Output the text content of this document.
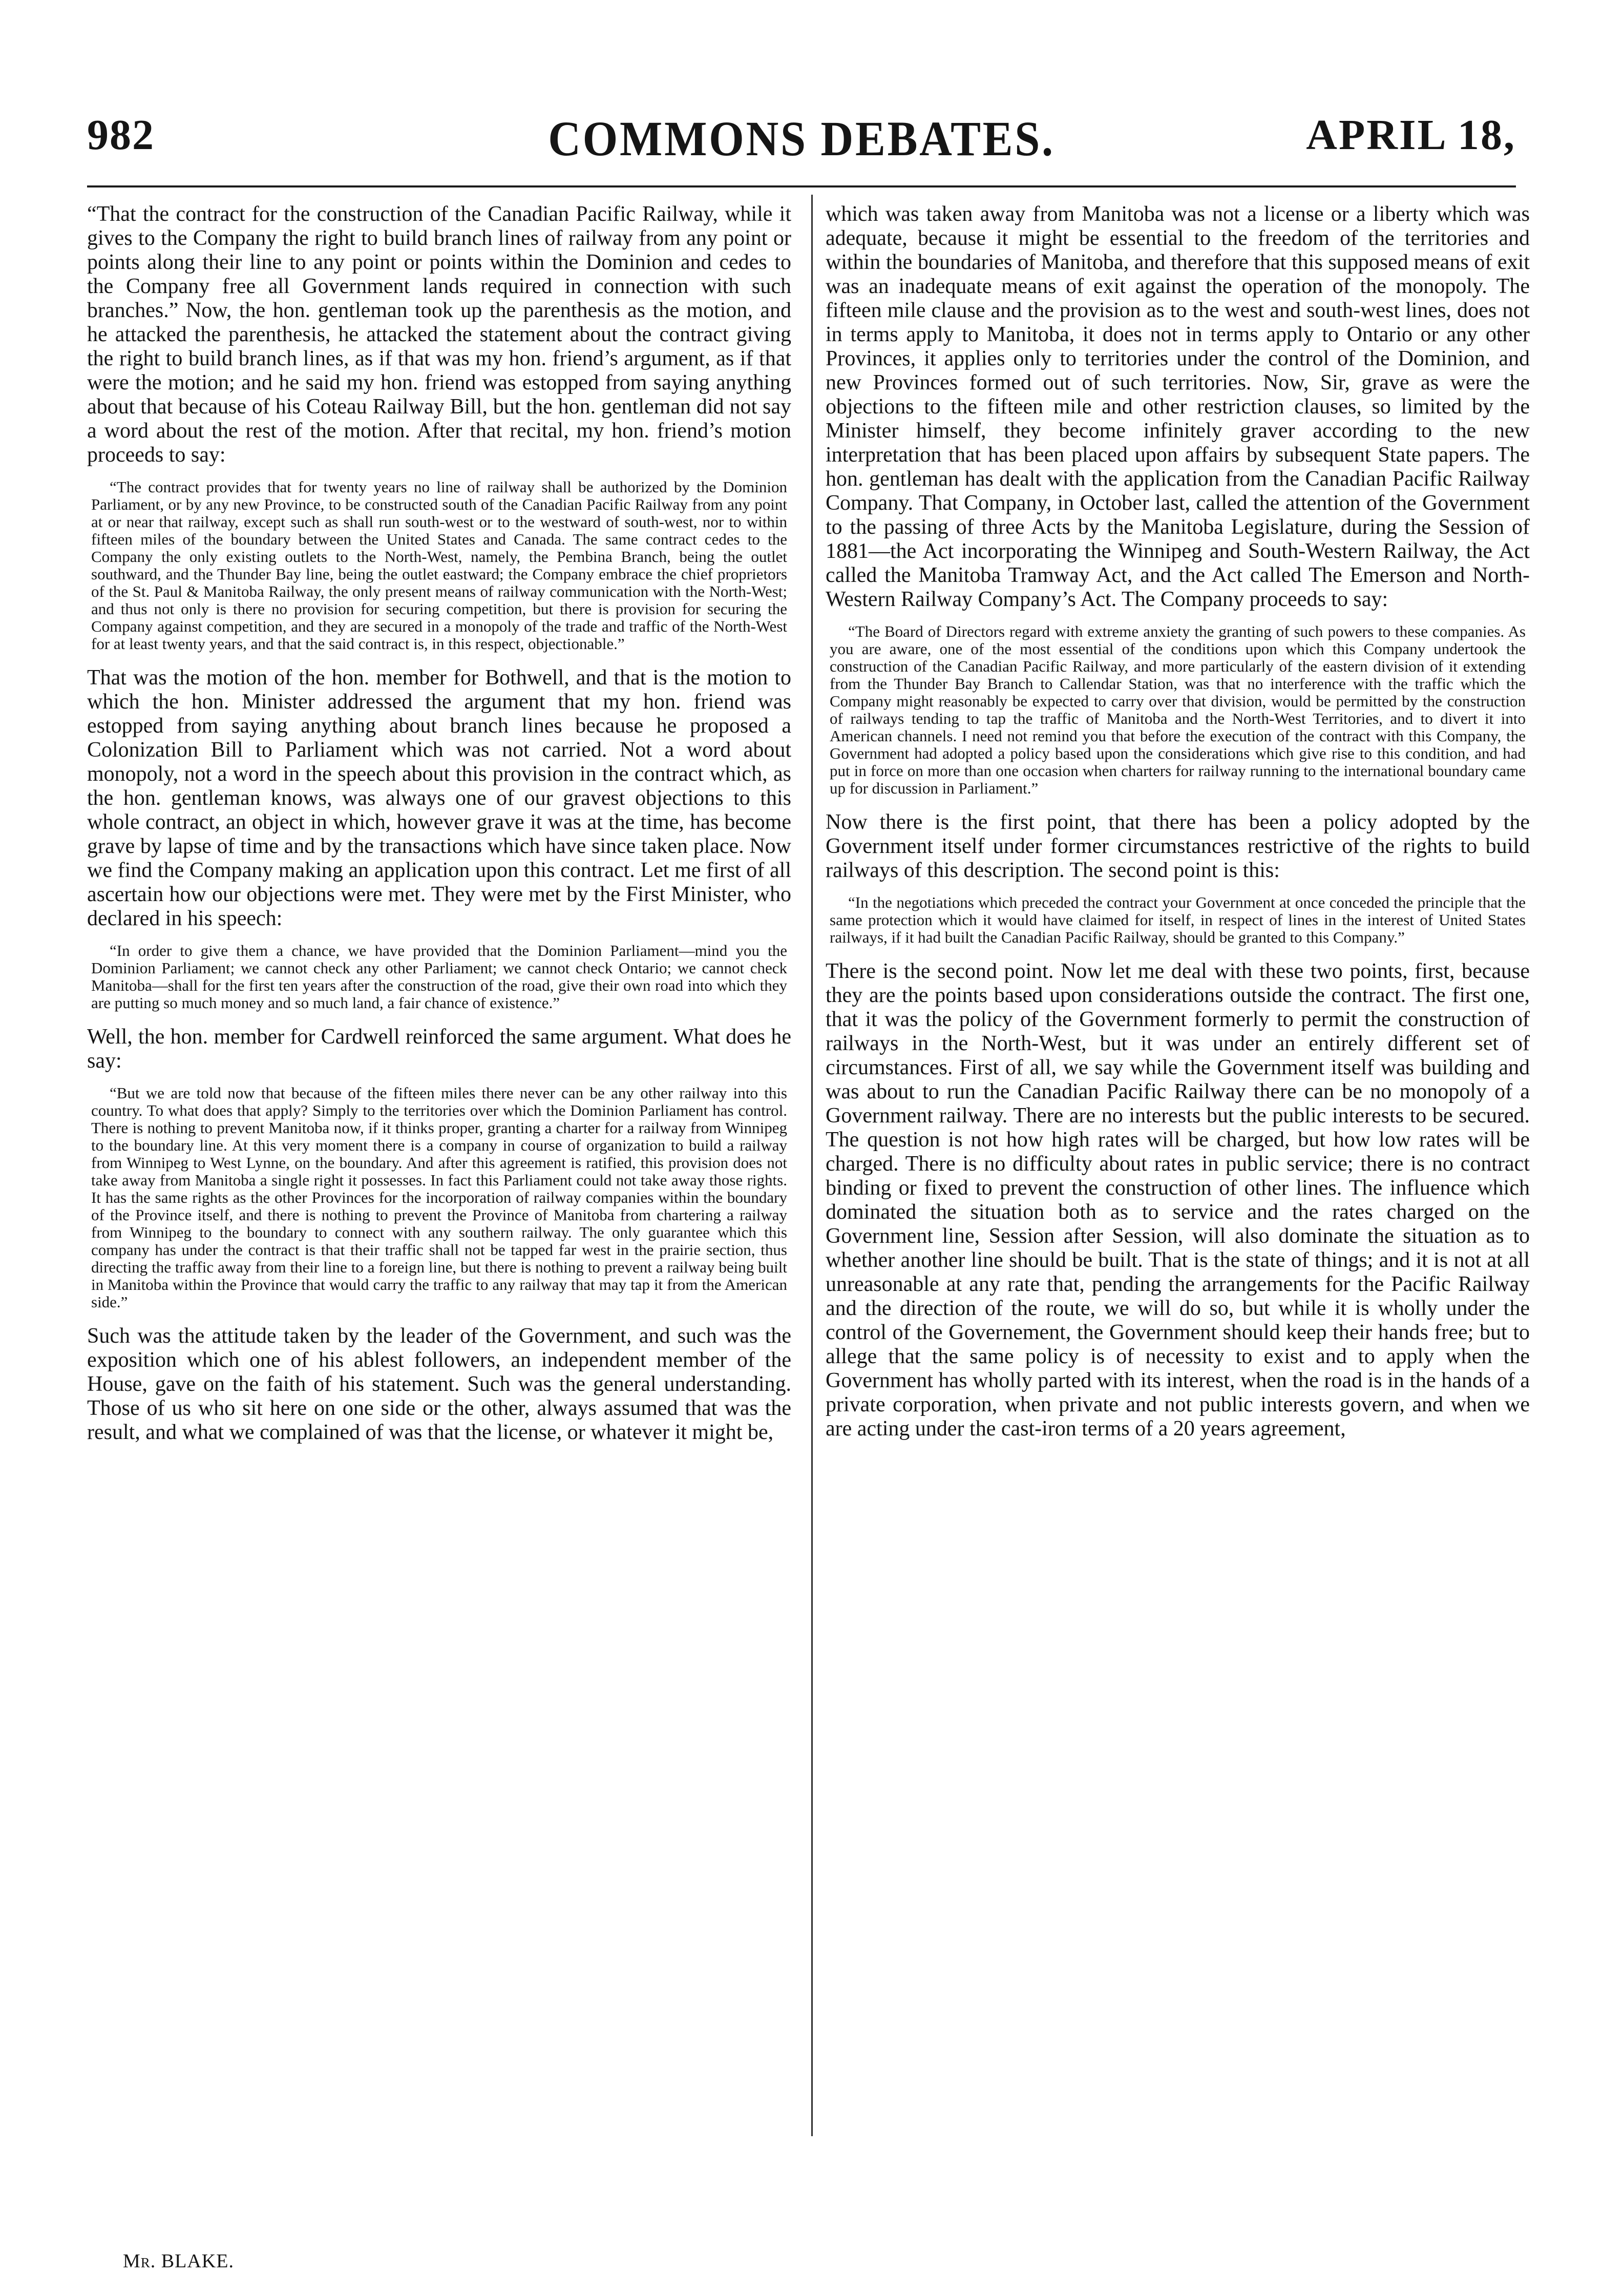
982	COMMONS DEBATES.	APRIL 18,

“That the contract for the construction of the Canadian Pacific Railway, while it gives to the Company the right to build branch lines of railway from any point or points along their line to any point or points within the Dominion and cedes to the Company free all Government lands required in connection with such branches.” Now, the hon. gentleman took up the parenthesis as the motion, and he attacked the parenthesis, he attacked the statement about the contract giving the right to build branch lines, as if that was my hon. friend’s argument, as if that were the motion; and he said my hon. friend was estopped from saying anything about that because of his Coteau Railway Bill, but the hon. gentleman did not say a word about the rest of the motion. After that recital, my hon. friend’s motion proceeds to say:

“The contract provides that for twenty years no line of railway shall be authorized by the Dominion Parliament, or by any new Province, to be constructed south of the Canadian Pacific Railway from any point at or near that railway, except such as shall run south-west or to the westward of south-west, nor to within fifteen miles of the boundary between the United States and Canada. The same contract cedes to the Company the only existing outlets to the North-West, namely, the Pembina Branch, being the outlet southward, and the Thunder Bay line, being the outlet eastward; the Company embrace the chief proprietors of the St. Paul & Manitoba Railway, the only present means of railway communication with the North-West; and thus not only is there no provision for securing competition, but there is provision for securing the Company against competition, and they are secured in a monopoly of the trade and traffic of the North-West for at least twenty years, and that the said contract is, in this respect, objectionable.”

That was the motion of the hon. member for Bothwell, and that is the motion to which the hon. Minister addressed the argument that my hon. friend was estopped from saying anything about branch lines because he proposed a Colonization Bill to Parliament which was not carried. Not a word about monopoly, not a word in the speech about this provision in the contract which, as the hon. gentleman knows, was always one of our gravest objections to this whole contract, an object in which, however grave it was at the time, has become grave by lapse of time and by the transactions which have since taken place. Now we find the Company making an application upon this contract. Let me first of all ascertain how our objections were met. They were met by the First Minister, who declared in his speech:

“In order to give them a chance, we have provided that the Dominion Parliament—mind you the Dominion Parliament; we cannot check any other Parliament; we cannot check Ontario; we cannot check Manitoba—shall for the first ten years after the construction of the road, give their own road into which they are putting so much money and so much land, a fair chance of existence.”

Well, the hon. member for Cardwell reinforced the same argument. What does he say:

“But we are told now that because of the fifteen miles there never can be any other railway into this country. To what does that apply? Simply to the territories over which the Dominion Parliament has control. There is nothing to prevent Manitoba now, if it thinks proper, granting a charter for a railway from Winnipeg to the boundary line. At this very moment there is a company in course of organization to build a railway from Winnipeg to West Lynne, on the boundary. And after this agreement is ratified, this provision does not take away from Manitoba a single right it possesses. In fact this Parliament could not take away those rights. It has the same rights as the other Provinces for the incorporation of railway companies within the boundary of the Province itself, and there is nothing to prevent the Province of Manitoba from chartering a railway from Winnipeg to the boundary to connect with any southern railway. The only guarantee which this company has under the contract is that their traffic shall not be tapped far west in the prairie section, thus directing the traffic away from their line to a foreign line, but there is nothing to prevent a railway being built in Manitoba within the Province that would carry the traffic to any railway that may tap it from the American side.”

Such was the attitude taken by the leader of the Government, and such was the exposition which one of his ablest followers, an independent member of the House, gave on the faith of his statement. Such was the general understanding. Those of us who sit here on one side or the other, always assumed that was the result, and what we complained of was that the license, or whatever it might be,

which was taken away from Manitoba was not a license or a liberty which was adequate, because it might be essential to the freedom of the territories and within the boundaries of Manitoba, and therefore that this supposed means of exit was an inadequate means of exit against the operation of the monopoly. The fifteen mile clause and the provision as to the west and south-west lines, does not in terms apply to Manitoba, it does not in terms apply to Ontario or any other Provinces, it applies only to territories under the control of the Dominion, and new Provinces formed out of such territories. Now, Sir, grave as were the objections to the fifteen mile and other restriction clauses, so limited by the Minister himself, they become infinitely graver according to the new interpretation that has been placed upon affairs by subsequent State papers. The hon. gentleman has dealt with the application from the Canadian Pacific Railway Company. That Company, in October last, called the attention of the Government to the passing of three Acts by the Manitoba Legislature, during the Session of 1881—the Act incorporating the Winnipeg and South-Western Railway, the Act called the Manitoba Tramway Act, and the Act called The Emerson and North-Western Railway Company’s Act. The Company proceeds to say:

“The Board of Directors regard with extreme anxiety the granting of such powers to these companies. As you are aware, one of the most essential of the conditions upon which this Company undertook the construction of the Canadian Pacific Railway, and more particularly of the eastern division of it extending from the Thunder Bay Branch to Callendar Station, was that no interference with the traffic which the Company might reasonably be expected to carry over that division, would be permitted by the construction of railways tending to tap the traffic of Manitoba and the North-West Territories, and to divert it into American channels. I need not remind you that before the execution of the contract with this Company, the Government had adopted a policy based upon the considerations which give rise to this condition, and had put in force on more than one occasion when charters for railway running to the international boundary came up for discussion in Parliament.”

Now there is the first point, that there has been a policy adopted by the Government itself under former circumstances restrictive of the rights to build railways of this description. The second point is this:

“In the negotiations which preceded the contract your Government at once conceded the principle that the same protection which it would have claimed for itself, in respect of lines in the interest of United States railways, if it had built the Canadian Pacific Railway, should be granted to this Company.”

There is the second point. Now let me deal with these two points, first, because they are the points based upon considerations outside the contract. The first one, that it was the policy of the Government formerly to permit the construction of railways in the North-West, but it was under an entirely different set of circumstances. First of all, we say while the Government itself was building and was about to run the Canadian Pacific Railway there can be no monopoly of a Government railway. There are no interests but the public interests to be secured. The question is not how high rates will be charged, but how low rates will be charged. There is no difficulty about rates in public service; there is no contract binding or fixed to prevent the construction of other lines. The influence which dominated the situation both as to service and the rates charged on the Government line, Session after Session, will also dominate the situation as to whether another line should be built. That is the state of things; and it is not at all unreasonable at any rate that, pending the arrangements for the Pacific Railway and the direction of the route, we will do so, but while it is wholly under the control of the Governement, the Government should keep their hands free; but to allege that the same policy is of necessity to exist and to apply when the Government has wholly parted with its interest, when the road is in the hands of a private corporation, when private and not public interests govern, and when we are acting under the cast-iron terms of a 20 years agreement,

Mr. BLAKE.
